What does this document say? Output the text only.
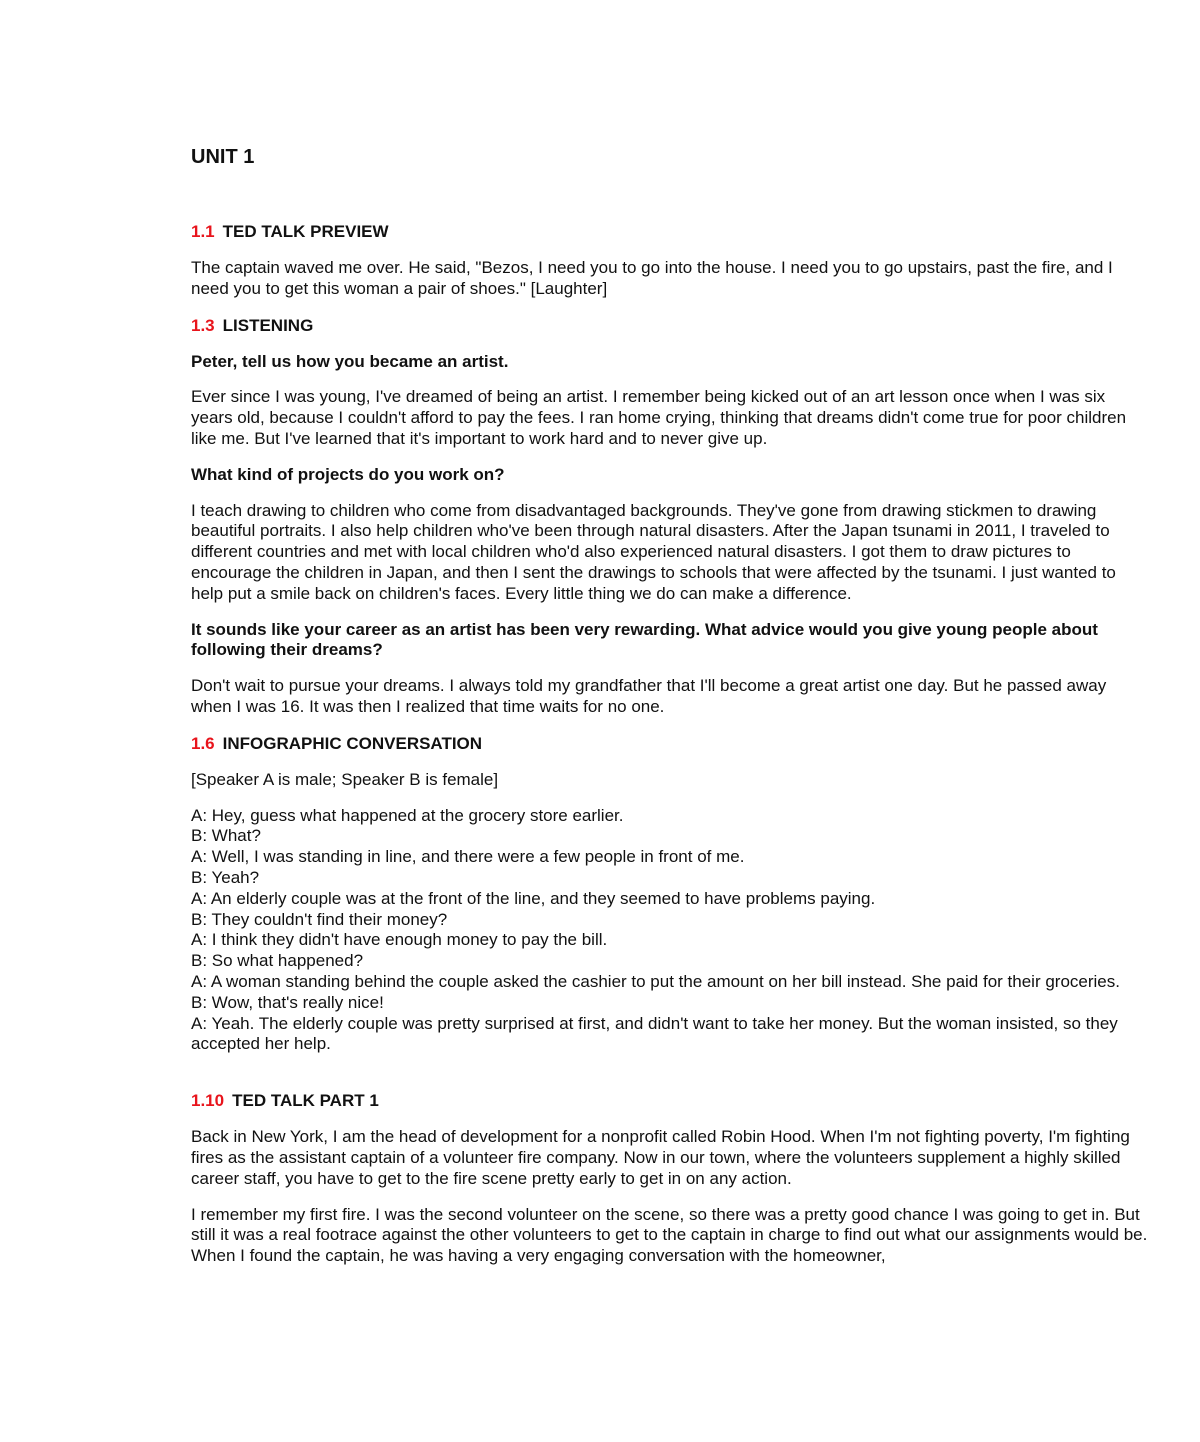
UNIT 1
1.1 TED TALK PREVIEW

The captain waved me over. He said, "Bezos, I need you to go into the house. I need you to go upstairs, past the fire, and I need you to get this woman a pair of shoes." [Laughter]

1.3 LISTENING

Peter, tell us how you became an artist.

Ever since I was young, I've dreamed of being an artist. I remember being kicked out of an art lesson once when I was six years old, because I couldn't afford to pay the fees. I ran home crying, thinking that dreams didn't come true for poor children like me. But I've learned that it's important to work hard and to never give up.

What kind of projects do you work on?

I teach drawing to children who come from disadvantaged backgrounds. They've gone from drawing stickmen to drawing beautiful portraits. I also help children who've been through natural disasters. After the Japan tsunami in 2011, I traveled to different countries and met with local children who'd also experienced natural disasters. I got them to draw pictures to encourage the children in Japan, and then I sent the drawings to schools that were affected by the tsunami. I just wanted to help put a smile back on children's faces. Every little thing we do can make a difference.

It sounds like your career as an artist has been very rewarding. What advice would you give young people about following their dreams?

Don't wait to pursue your dreams. I always told my grandfather that I'll become a great artist one day. But he passed away when I was 16. It was then I realized that time waits for no one.

1.6 INFOGRAPHIC CONVERSATION

[Speaker A is male; Speaker B is female]

A: Hey, guess what happened at the grocery store earlier.
B: What?
A: Well, I was standing in line, and there were a few people in front of me.
B: Yeah?
A: An elderly couple was at the front of the line, and they seemed to have problems paying.
B: They couldn't find their money?
A: I think they didn't have enough money to pay the bill.
B: So what happened?
A: A woman standing behind the couple asked the cashier to put the amount on her bill instead. She paid for their groceries.
B: Wow, that's really nice!
A: Yeah. The elderly couple was pretty surprised at first, and didn't want to take her money. But the woman insisted, so they accepted her help.
1.10 TED TALK PART 1

Back in New York, I am the head of development for a nonprofit called Robin Hood. When I'm not fighting poverty, I'm fighting fires as the assistant captain of a volunteer fire company. Now in our town, where the volunteers supplement a highly skilled career staff, you have to get to the fire scene pretty early to get in on any action.

I remember my first fire. I was the second volunteer on the scene, so there was a pretty good chance I was going to get in. But still it was a real footrace against the other volunteers to get to the captain in charge to find out what our assignments would be. When I found the captain, he was having a very engaging conversation with the homeowner,
